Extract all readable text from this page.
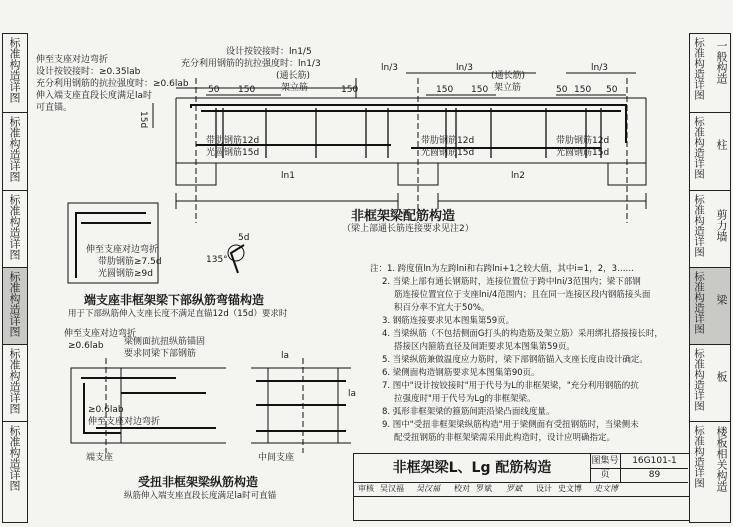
标准构造详图
标准构造详图
标准构造详图
标准构造详图
标准构造详图
标准构造详图
标准构造详图 一般构造
标准构造详图 柱
标准构造详图 剪力墙
标准构造详图 梁
标准构造详图 板
标准构造详图 楼板相关构造
伸至支座对边弯折
设计按铰接时：≥0.35lab
充分利用钢筋的抗拉强度时：≥0.6lab
伸入端支座直段长度满足la时
可直锚。
设计按铰接时：ln1/5
充分利用钢筋的抗拉强度时：ln1/3
(通长筋)
架立筋
(通长筋)
架立筋
ln/3	ln/3	ln/3
50 150	150	150 150	50 150 50
带肋钢筋12d
光圆钢筋15d
带肋钢筋12d
光圆钢筋15d
带肋钢筋12d
光圆钢筋15d
ln1	ln2
15d
非框架梁配筋构造
（梁上部通长筋连接要求见注2）
伸至支座对边弯折
带肋钢筋≥7.5d
光圆钢筋≥9d
135°
5d
端支座非框架梁下部纵筋弯锚构造
用于下部纵筋伸入支座长度不满足直锚12d（15d）要求时
伸至支座对边弯折
≥0.6lab 梁侧面抗扭纵筋锚固
要求同梁下部钢筋
≥0.6lab
伸至支座对边弯折
la
la
端支座	中间支座
受扭非框架梁纵筋构造
纵筋伸入端支座直段长度满足la时可直锚
注：1. 跨度值ln为左跨lni和右跨lni+1之较大值，其中i=1，2，3……
2. 当梁上部有通长钢筋时，连接位置位于跨中lni/3范围内；梁下部钢
筋连接位置宜位于支座lni/4范围内；且在同一连接区段内钢筋接头面
积百分率不宜大于50%。
3. 钢筋连接要求见本图集第59页。
4. 当梁纵筋（不包括侧面G打头的构造筋及架立筋）采用绑扎搭接接长时，
搭接区内箍筋直径及间距要求见本图集第59页。
5. 当梁纵筋兼做温度应力筋时，梁下部钢筋锚入支座长度由设计确定。
6. 梁侧面构造钢筋要求见本图集第90页。
7. 图中"设计按铰接时"用于代号为L的非框架梁，"充分利用钢筋的抗
拉强度时"用于代号为Lg的非框架梁。
8. 弧形非框架梁的箍筋间距沿梁凸面线度量。
9. 图中"受扭非框架梁纵筋构造"用于梁侧面有受扭钢筋时，当梁侧未
配受扭钢筋的非框架梁需采用此构造时，设计应明确指定。
非框架梁L、Lg 配筋构造	图集号	16G101-1
页	89
审核 吴汉福 吴汉福 校对 罗斌 罗斌 设计 史文博 史文博
